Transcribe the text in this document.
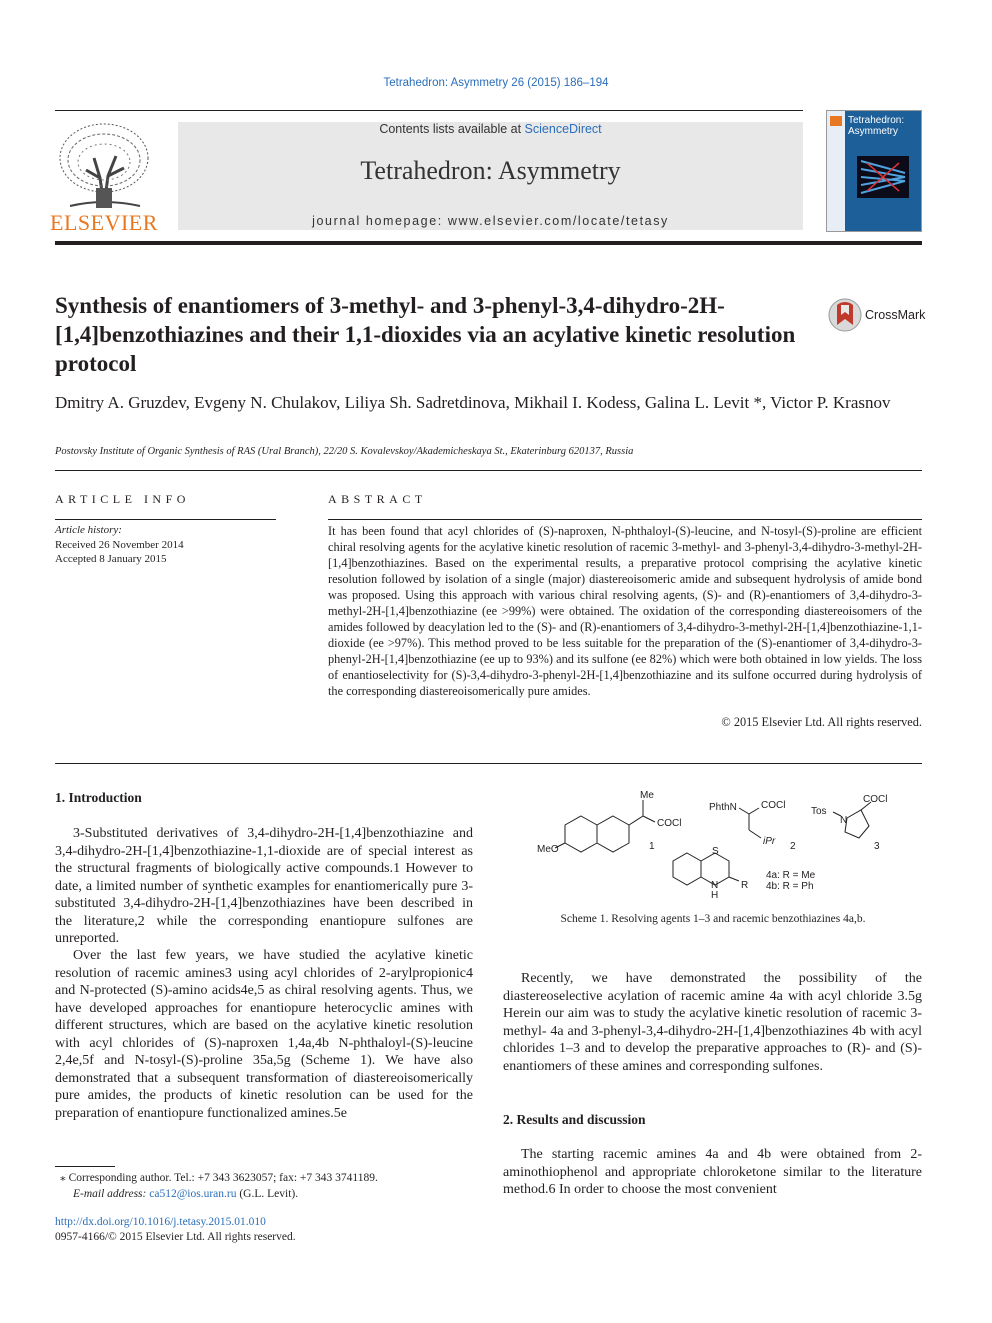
Tetrahedron: Asymmetry 26 (2015) 186–194
ELSEVIER
Contents lists available at ScienceDirect
Tetrahedron: Asymmetry
journal homepage: www.elsevier.com/locate/tetasy
Tetrahedron: Asymmetry
Synthesis of enantiomers of 3-methyl- and 3-phenyl-3,4-dihydro-2H-[1,4]benzothiazines and their 1,1-dioxides via an acylative kinetic resolution protocol
CrossMark
Dmitry A. Gruzdev, Evgeny N. Chulakov, Liliya Sh. Sadretdinova, Mikhail I. Kodess, Galina L. Levit *, Victor P. Krasnov
Postovsky Institute of Organic Synthesis of RAS (Ural Branch), 22/20 S. Kovalevskoy/Akademicheskaya St., Ekaterinburg 620137, Russia
ARTICLE INFO
Article history:
Received 26 November 2014
Accepted 8 January 2015
ABSTRACT
It has been found that acyl chlorides of (S)-naproxen, N-phthaloyl-(S)-leucine, and N-tosyl-(S)-proline are efficient chiral resolving agents for the acylative kinetic resolution of racemic 3-methyl- and 3-phenyl-3,4-dihydro-3-methyl-2H-[1,4]benzothiazines. Based on the experimental results, a preparative protocol comprising the acylative kinetic resolution followed by isolation of a single (major) diastereoisomeric amide and subsequent hydrolysis of amide bond was proposed. Using this approach with various chiral resolving agents, (S)- and (R)-enantiomers of 3,4-dihydro-3-methyl-2H-[1,4]benzothiazine (ee >99%) were obtained. The oxidation of the corresponding diastereoisomers of the amides followed by deacylation led to the (S)- and (R)-enantiomers of 3,4-dihydro-3-methyl-2H-[1,4]benzothiazine-1,1-dioxide (ee >97%). This method proved to be less suitable for the preparation of the (S)-enantiomer of 3,4-dihydro-3-phenyl-2H-[1,4]benzothiazine (ee up to 93%) and its sulfone (ee 82%) which were both obtained in low yields. The loss of enantioselectivity for (S)-3,4-dihydro-3-phenyl-2H-[1,4]benzothiazine and its sulfone occurred during hydrolysis of the corresponding diastereoisomerically pure amides.
© 2015 Elsevier Ltd. All rights reserved.
1. Introduction

3-Substituted derivatives of 3,4-dihydro-2H-[1,4]benzothiazine and 3,4-dihydro-2H-[1,4]benzothiazine-1,1-dioxide are of special interest as the structural fragments of biologically active compounds.1 However to date, a limited number of synthetic examples for enantiomerically pure 3-substituted 3,4-dihydro-2H-[1,4]benzothiazines have been described in the literature,2 while the corresponding enantiopure sulfones are unreported.

Over the last few years, we have studied the acylative kinetic resolution of racemic amines3 using acyl chlorides of 2-arylpropionic4 and N-protected (S)-amino acids4e,5 as chiral resolving agents. Thus, we have developed approaches for enantiopure heterocyclic amines with different structures, which are based on the acylative kinetic resolution with acyl chlorides of (S)-naproxen 1,4a,4b N-phthaloyl-(S)-leucine 2,4e,5f and N-tosyl-(S)-proline 35a,5g (Scheme 1). We have also demonstrated that a subsequent transformation of diastereoisomerically pure amides, the products of kinetic resolution can be used for the preparation of enantiopure functionalized amines.5e

⁎ Corresponding author. Tel.: +7 343 3623057; fax: +7 343 3741189.
E-mail address: ca512@ios.uran.ru (G.L. Levit).
http://dx.doi.org/10.1016/j.tetasy.2015.01.010
0957-4166/© 2015 Elsevier Ltd. All rights reserved.
Me
COCl
MeO	1
PhthN COCl
iPr 2
Tos
N
COCl
3
S
N
H
R
4a: R = Me
4b: R = Ph
Scheme 1. Resolving agents 1–3 and racemic benzothiazines 4a,b.

Recently, we have demonstrated the possibility of the diastereoselective acylation of racemic amine 4a with acyl chloride 3.5g Herein our aim was to study the acylative kinetic resolution of racemic 3-methyl- 4a and 3-phenyl-3,4-dihydro-2H-[1,4]benzothiazines 4b with acyl chlorides 1–3 and to develop the preparative approaches to (R)- and (S)-enantiomers of these amines and corresponding sulfones.

2. Results and discussion

The starting racemic amines 4a and 4b were obtained from 2-aminothiophenol and appropriate chloroketone similar to the literature method.6 In order to choose the most convenient
